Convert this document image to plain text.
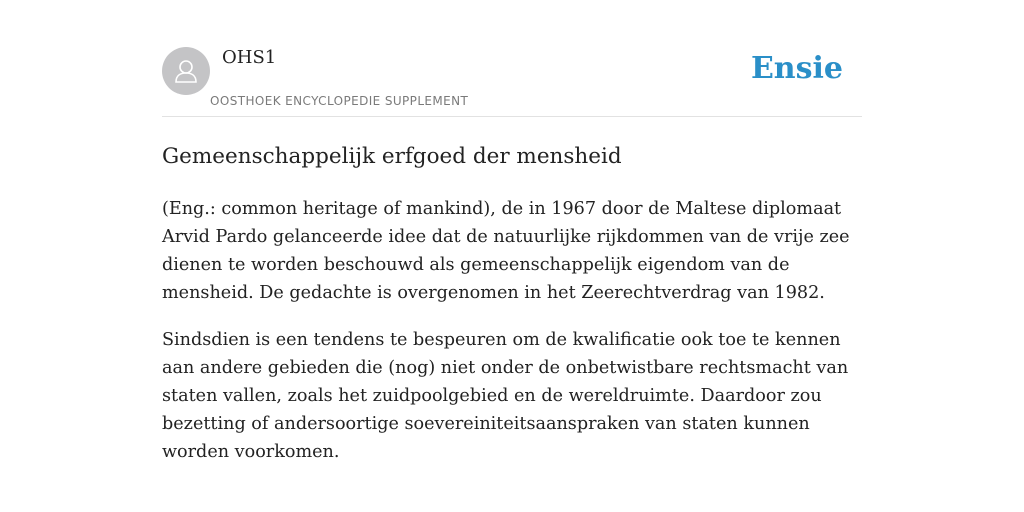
OHS1
OOSTHOEK ENCYCLOPEDIE SUPPLEMENT
Ensie
Gemeenschappelijk erfgoed der mensheid

(Eng.: common heritage of mankind), de in 1967 door de Maltese diplomaat Arvid Pardo gelanceerde idee dat de natuurlijke rijkdommen van de vrije zee dienen te worden beschouwd als gemeenschappelijk eigendom van de mensheid. De gedachte is overgenomen in het Zeerechtverdrag van 1982.

Sindsdien is een tendens te bespeuren om de kwalificatie ook toe te kennen aan andere gebieden die (nog) niet onder de onbetwistbare rechtsmacht van staten vallen, zoals het zuidpoolgebied en de wereldruimte. Daardoor zou bezetting of andersoortige soevereiniteitsaanspraken van staten kunnen worden voorkomen.
